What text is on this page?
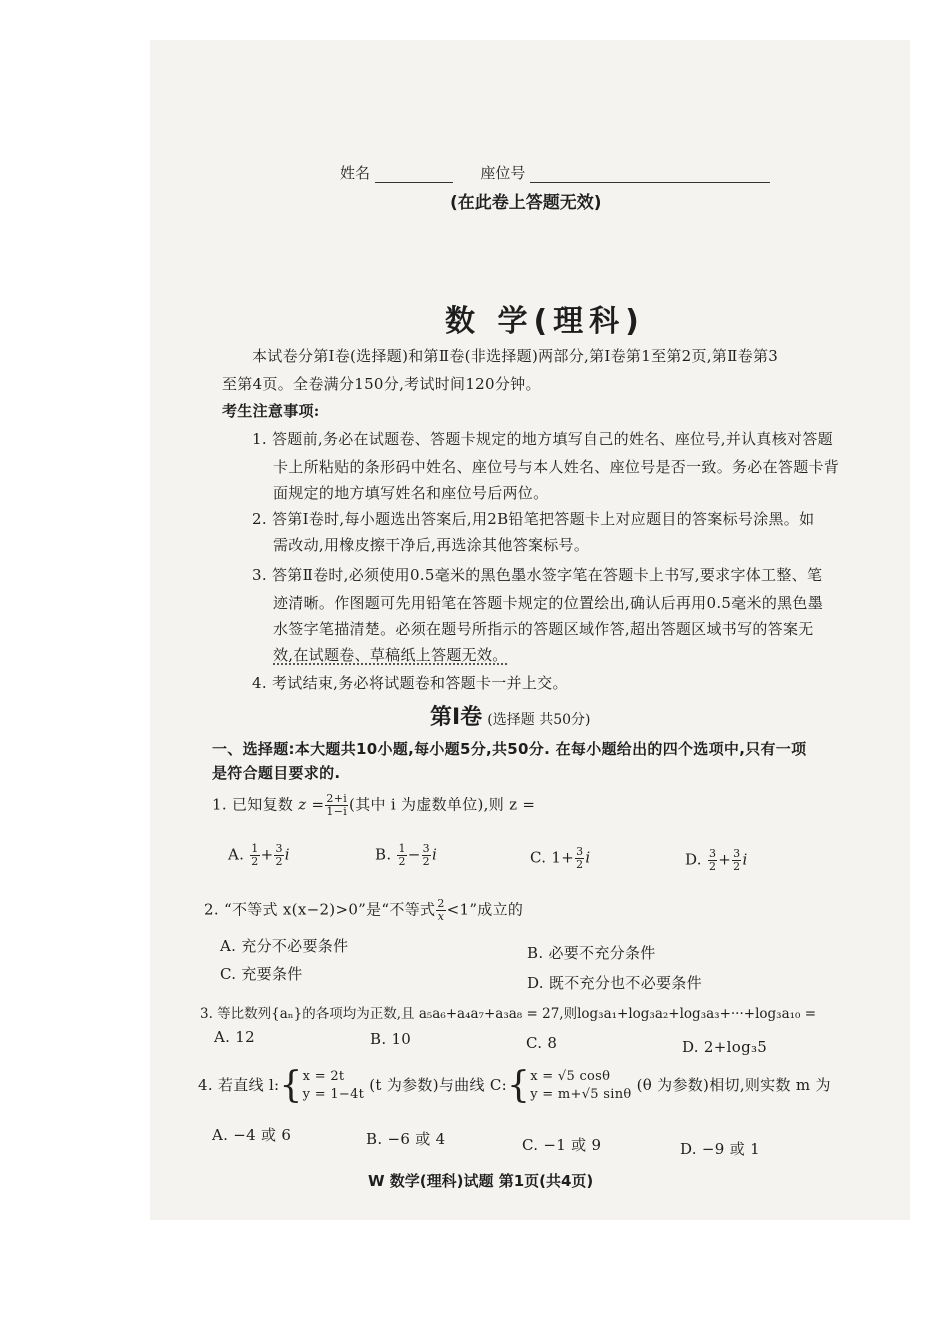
姓名	座位号
(在此卷上答题无效)
数 学(理科)
本试卷分第Ⅰ卷(选择题)和第Ⅱ卷(非选择题)两部分,第Ⅰ卷第1至第2页,第Ⅱ卷第3
至第4页。全卷满分150分,考试时间120分钟。
考生注意事项:
1. 答题前,务必在试题卷、答题卡规定的地方填写自己的姓名、座位号,并认真核对答题
卡上所粘贴的条形码中姓名、座位号与本人姓名、座位号是否一致。务必在答题卡背
面规定的地方填写姓名和座位号后两位。
2. 答第Ⅰ卷时,每小题选出答案后,用2B铅笔把答题卡上对应题目的答案标号涂黑。如
需改动,用橡皮擦干净后,再选涂其他答案标号。
3. 答第Ⅱ卷时,必须使用0.5毫米的黑色墨水签字笔在答题卡上书写,要求字体工整、笔
迹清晰。作图题可先用铅笔在答题卡规定的位置绘出,确认后再用0.5毫米的黑色墨
水签字笔描清楚。必须在题号所指示的答题区域作答,超出答题区域书写的答案无
效,在试题卷、草稿纸上答题无效。
4. 考试结束,务必将试题卷和答题卡一并上交。
第Ⅰ卷 (选择题 共50分)
一、选择题:本大题共10小题,每小题5分,共50分. 在每小题给出的四个选项中,只有一项
是符合题目要求的.
1. 已知复数 $z = \frac{2+i}{1-i}$ (其中 i 为虚数单位),则 z =
A. $\frac{1}{2} + \frac{3}{2}$ i	B. $\frac{1}{2} - \frac{3}{2}$ i	C. $1+ \frac{3}{2}$ i	D. $\frac{3}{2} + \frac{3}{2}$ i
2. “不等式 x(x−2)>0”是“不等式 $\frac{2}{x} <1$”成立的
A. 充分不必要条件	B. 必要不充分条件
C. 充要条件	D. 既不充分也不必要条件
3. 等比数列{aₙ}的各项均为正数,且 a₅a₆+a₄a₇+a₃a₈ = 27,则log₃a₁+log₃a₂+log₃a₃+···+log₃a₁₀ =
A. 12	B. 10	C. 8	D. 2+log₃5
4. 若直线 l:{ x = 2t
y = 1−4t
(t 为参数)与曲线 C:{ x = √5 cosθ
y = m+√5 sinθ
(θ 为参数)相切,则实数 m 为
A. −4 或 6	B. −6 或 4	C. −1 或 9	D. −9 或 1
W 数学(理科)试题 第1页(共4页)
